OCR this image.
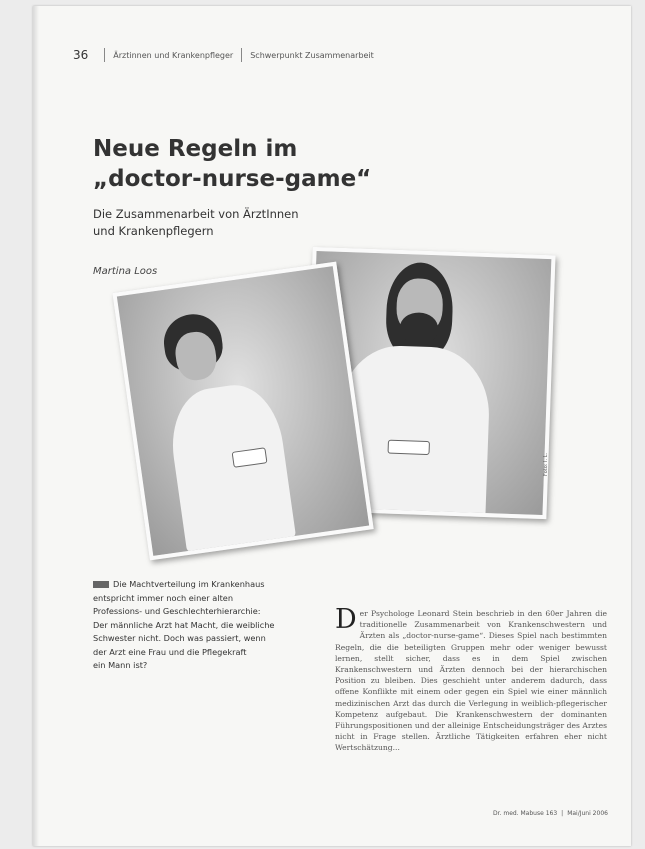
36	Ärztinnen und Krankenpfleger Schwerpunkt Zusammenarbeit
Neue Regeln im
„doctor-nurse-game“

Die Zusammenarbeit von ÄrztInnen
und Krankenpflegern

Martina Loos
Foto: I. L.
Die Machtverteilung im Krankenhaus
entspricht immer noch einer alten
Professions- und Geschlechterhierarchie:
Der männliche Arzt hat Macht, die weibliche
Schwester nicht. Doch was passiert, wenn
der Arzt eine Frau und die Pflegekraft
ein Mann ist?

Der Psychologe Leonard Stein beschrieb in den 60er Jahren die traditionelle Zusammenarbeit von Krankenschwestern und Ärzten als „doctor-nurse-game“. Dieses Spiel nach bestimmten Regeln, die die beteiligten Gruppen mehr oder weniger bewusst lernen, stellt sicher, dass es in dem Spiel zwischen Krankenschwestern und Ärzten dennoch bei der hierarchischen Position zu bleiben. Dies geschieht unter anderem dadurch, dass offene Konflikte mit einem oder gegen ein Spiel wie einer männlich medizinischen Arzt das durch die Verlegung in weiblich-pflegerischer Kompetenz aufgebaut. Die Krankenschwestern der dominanten Führungspositionen und der alleinige Entscheidungsträger des Arztes nicht in Frage stellen. Ärztliche Tätigkeiten erfahren eher nicht Wertschätzung...

Dr. med. Mabuse 163 | Mai/Juni 2006
